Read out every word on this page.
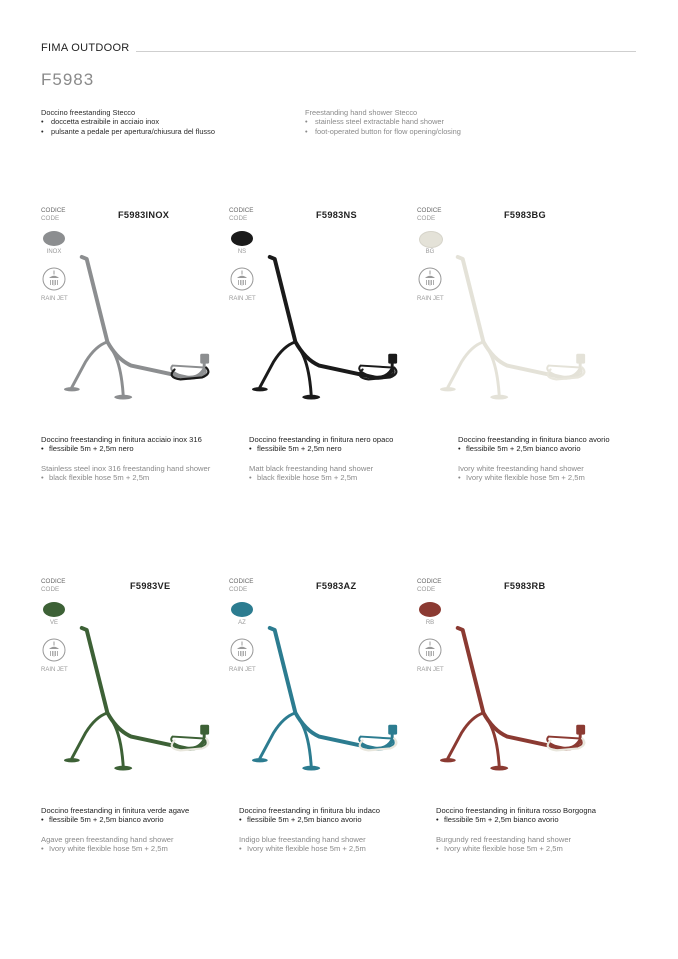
FIMA OUTDOOR
F5983
Doccino freestanding Stecco
• doccetta estraibile in acciaio inox
• pulsante a pedale per apertura/chiusura del flusso
Freestanding hand shower Stecco
• stainless steel extractable hand shower
• foot-operated button for flow opening/closing
CODICE
CODE	F5983INOX
INOX
RAIN JET
Doccino freestanding in finitura acciaio inox 316
• flessibile 5m + 2,5m nero
Stainless steel inox 316 freestanding hand shower
• black flexible hose 5m + 2,5m
CODICE
CODE	F5983NS
NS
RAIN JET
Doccino freestanding in finitura nero opaco
• flessibile 5m + 2,5m nero
Matt black freestanding hand shower
• black flexible hose 5m + 2,5m
CODICE
CODE	F5983BG
BG
RAIN JET
Doccino freestanding in finitura bianco avorio
• flessibile 5m + 2,5m bianco avorio
Ivory white freestanding hand shower
• Ivory white flexible hose 5m + 2,5m
CODICE
CODE	F5983VE
VE
RAIN JET
Doccino freestanding in finitura verde agave
• flessibile 5m + 2,5m bianco avorio
Agave green freestanding hand shower
• Ivory white flexible hose 5m + 2,5m
CODICE
CODE	F5983AZ
AZ
RAIN JET
Doccino freestanding in finitura blu indaco
• flessibile 5m + 2,5m bianco avorio
Indigo blue freestanding hand shower
• Ivory white flexible hose 5m + 2,5m
CODICE
CODE	F5983RB
RB
RAIN JET
Doccino freestanding in finitura rosso Borgogna
• flessibile 5m + 2,5m bianco avorio
Burgundy red freestanding hand shower
• Ivory white flexible hose 5m + 2,5m
